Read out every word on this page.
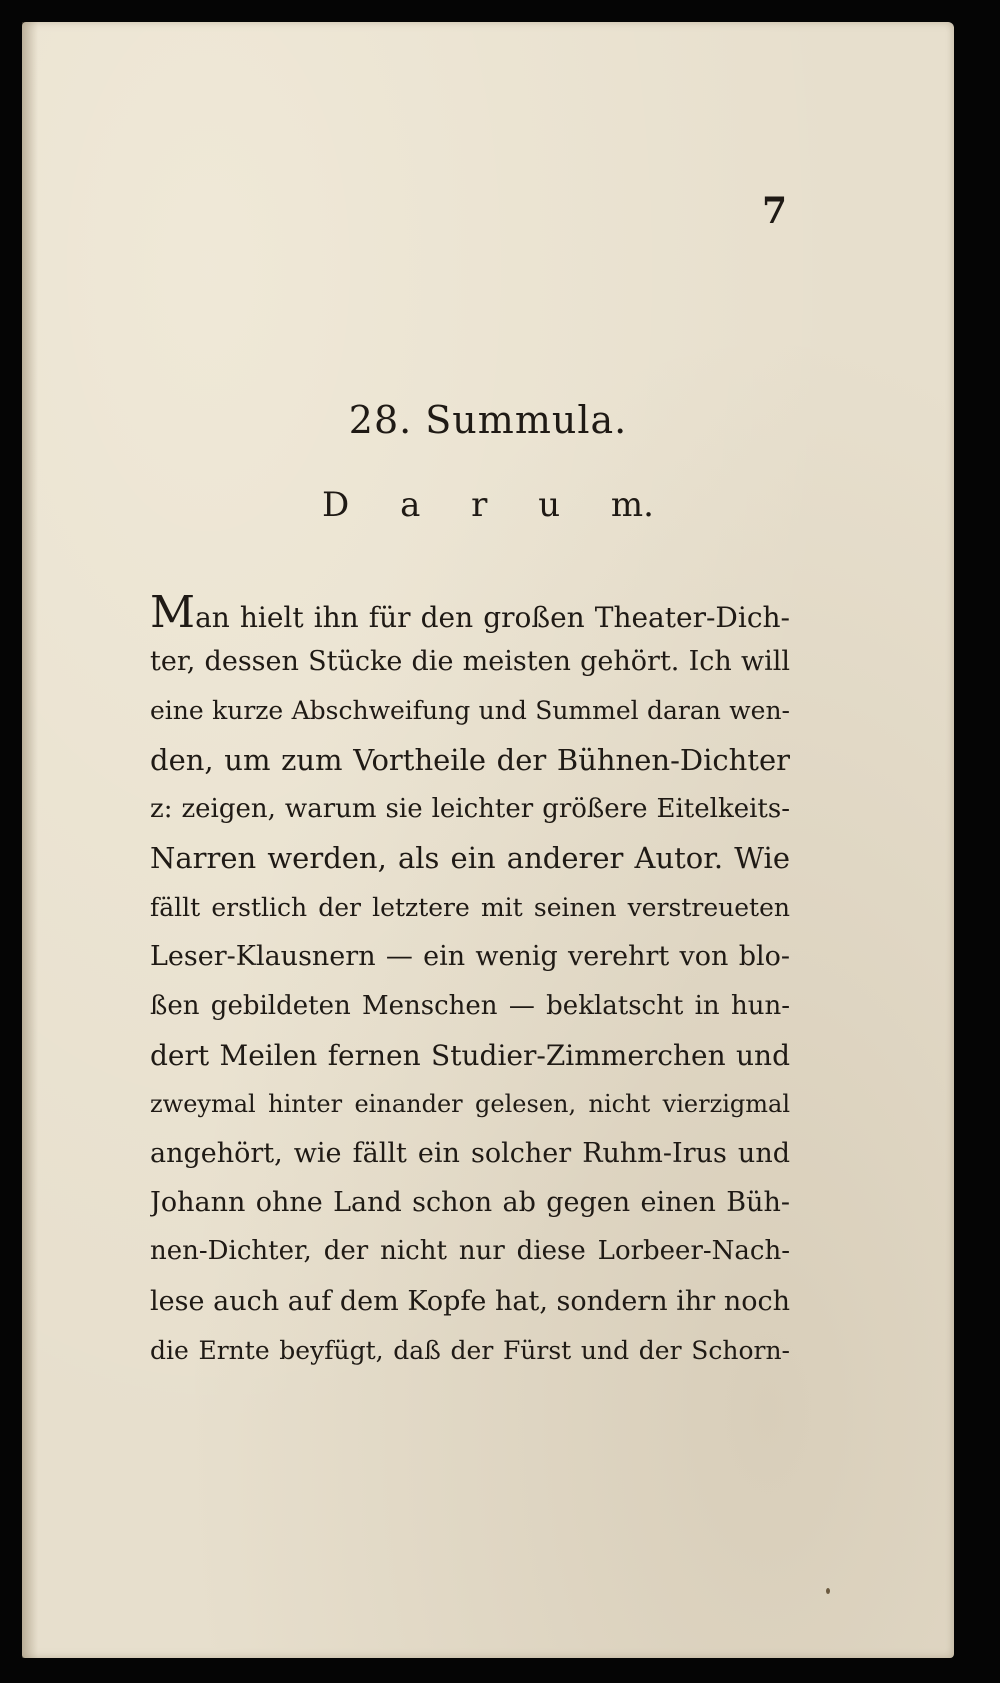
7
28. Summula.
D a r u m.
Man hielt ihn für den großen Theater-Dich-
ter, dessen Stücke die meisten gehört. Ich will
eine kurze Abschweifung und Summel daran wen-
den, um zum Vortheile der Bühnen-Dichter
z: zeigen, warum sie leichter größere Eitelkeits-
Narren werden, als ein anderer Autor. Wie
fällt erstlich der letztere mit seinen verstreueten
Leser-Klausnern — ein wenig verehrt von blo-
ßen gebildeten Menschen — beklatscht in hun-
dert Meilen fernen Studier-Zimmerchen und
zweymal hinter einander gelesen, nicht vierzigmal
angehört, wie fällt ein solcher Ruhm-Irus und
Johann ohne Land schon ab gegen einen Büh-
nen-Dichter, der nicht nur diese Lorbeer-Nach-
lese auch auf dem Kopfe hat, sondern ihr noch
die Ernte beyfügt, daß der Fürst und der Schorn-
